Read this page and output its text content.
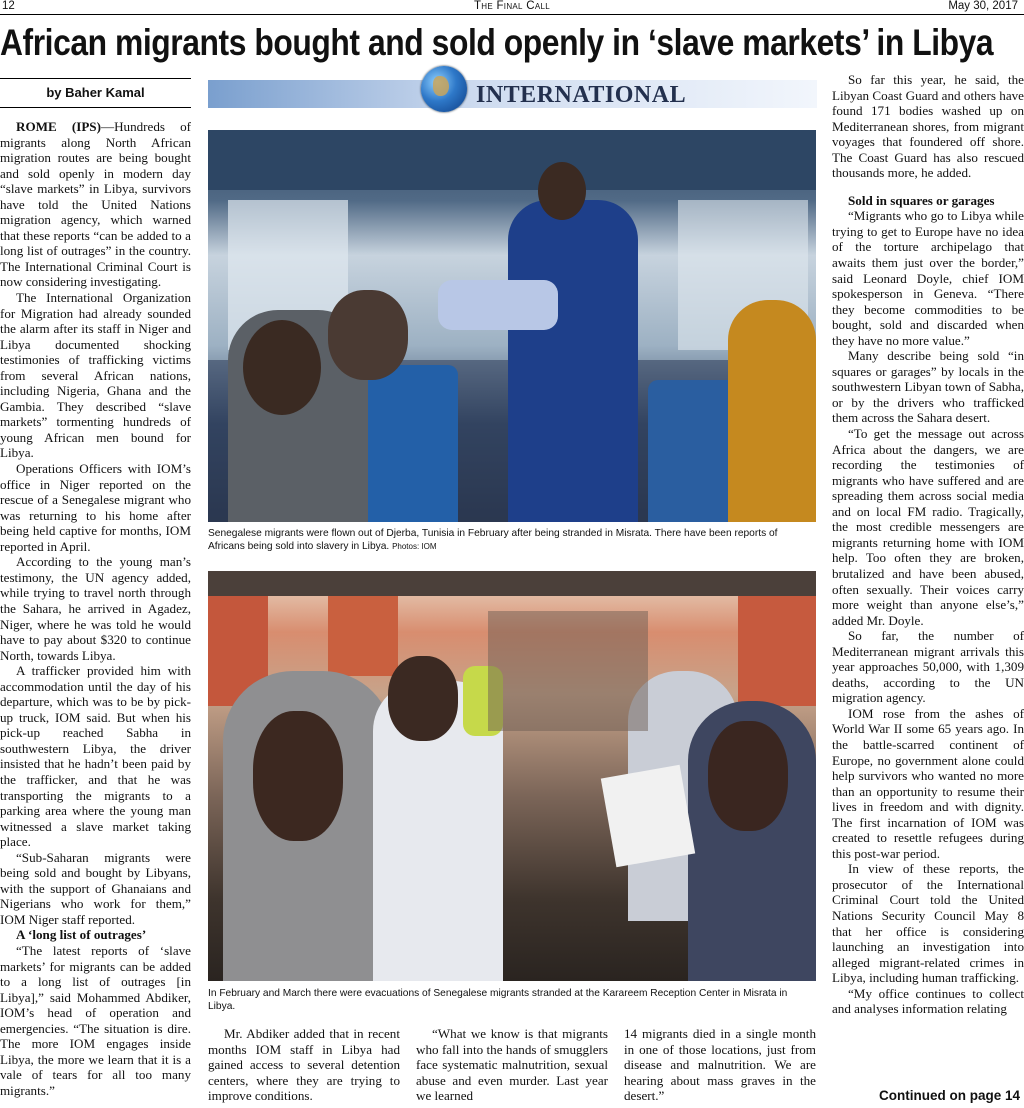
12	The Final Call	May 30, 2017
African migrants bought and sold openly in ‘slave markets’ in Libya
by Baher Kamal

ROME (IPS)—Hundreds of migrants along North African migration routes are being bought and sold openly in modern day “slave markets” in Libya, survivors have told the United Nations migration agency, which warned that these reports “can be added to a long list of outrages” in the country. The International Criminal Court is now considering investigating.

The International Organization for Migration had already sounded the alarm after its staff in Niger and Libya documented shocking testimonies of trafficking victims from several African nations, including Nigeria, Ghana and the Gambia. They described “slave markets” tormenting hundreds of young African men bound for Libya.

Operations Officers with IOM’s office in Niger reported on the rescue of a Senegalese migrant who was returning to his home after being held captive for months, IOM reported in April.

According to the young man’s testimony, the UN agency added, while trying to travel north through the Sahara, he arrived in Agadez, Niger, where he was told he would have to pay about $320 to continue North, towards Libya.

A trafficker provided him with accommodation until the day of his departure, which was to be by pick-up truck, IOM said. But when his pick-up reached Sabha in southwestern Libya, the driver insisted that he hadn’t been paid by the trafficker, and that he was transporting the migrants to a parking area where the young man witnessed a slave market taking place.

“Sub-Saharan migrants were being sold and bought by Libyans, with the support of Ghanaians and Nigerians who work for them,” IOM Niger staff reported.

A ‘long list of outrages’

“The latest reports of ‘slave markets’ for migrants can be added to a long list of outrages [in Libya],” said Mohammed Abdiker, IOM’s head of operation and emergencies. “The situation is dire. The more IOM engages inside Libya, the more we learn that it is a vale of tears for all too many migrants.”

INTERNATIONAL
Senegalese migrants were flown out of Djerba, Tunisia in February after being stranded in Misrata. There have been reports of Africans being sold into slavery in Libya. Photos: IOM
In February and March there were evacuations of Senegalese migrants stranded at the Karareem Reception Center in Misrata in Libya.

Mr. Abdiker added that in recent months IOM staff in Libya had gained access to several detention centers, where they are trying to improve conditions.

“What we know is that migrants who fall into the hands of smugglers face systematic malnutrition, sexual abuse and even murder. Last year we learned

14 migrants died in a single month in one of those locations, just from disease and malnutrition. We are hearing about mass graves in the desert.”

So far this year, he said, the Libyan Coast Guard and others have found 171 bodies washed up on Mediterranean shores, from migrant voyages that foundered off shore. The Coast Guard has also rescued thousands more, he added.

Sold in squares or garages

“Migrants who go to Libya while trying to get to Europe have no idea of the torture archipelago that awaits them just over the border,” said Leonard Doyle, chief IOM spokesperson in Geneva. “There they become commodities to be bought, sold and discarded when they have no more value.”

Many describe being sold “in squares or garages” by locals in the southwestern Libyan town of Sabha, or by the drivers who trafficked them across the Sahara desert.

“To get the message out across Africa about the dangers, we are recording the testimonies of migrants who have suffered and are spreading them across social media and on local FM radio. Tragically, the most credible messengers are migrants returning home with IOM help. Too often they are broken, brutalized and have been abused, often sexually. Their voices carry more weight than anyone else’s,” added Mr. Doyle.

So far, the number of Mediterranean migrant arrivals this year approaches 50,000, with 1,309 deaths, according to the UN migration agency.

IOM rose from the ashes of World War II some 65 years ago. In the battle-scarred continent of Europe, no government alone could help survivors who wanted no more than an opportunity to resume their lives in freedom and with dignity. The first incarnation of IOM was created to resettle refugees during this post-war period.

In view of these reports, the prosecutor of the International Criminal Court told the United Nations Security Council May 8 that her office is considering launching an investigation into alleged migrant-related crimes in Libya, including human trafficking.

“My office continues to collect and analyses information relating

Continued on page 14
